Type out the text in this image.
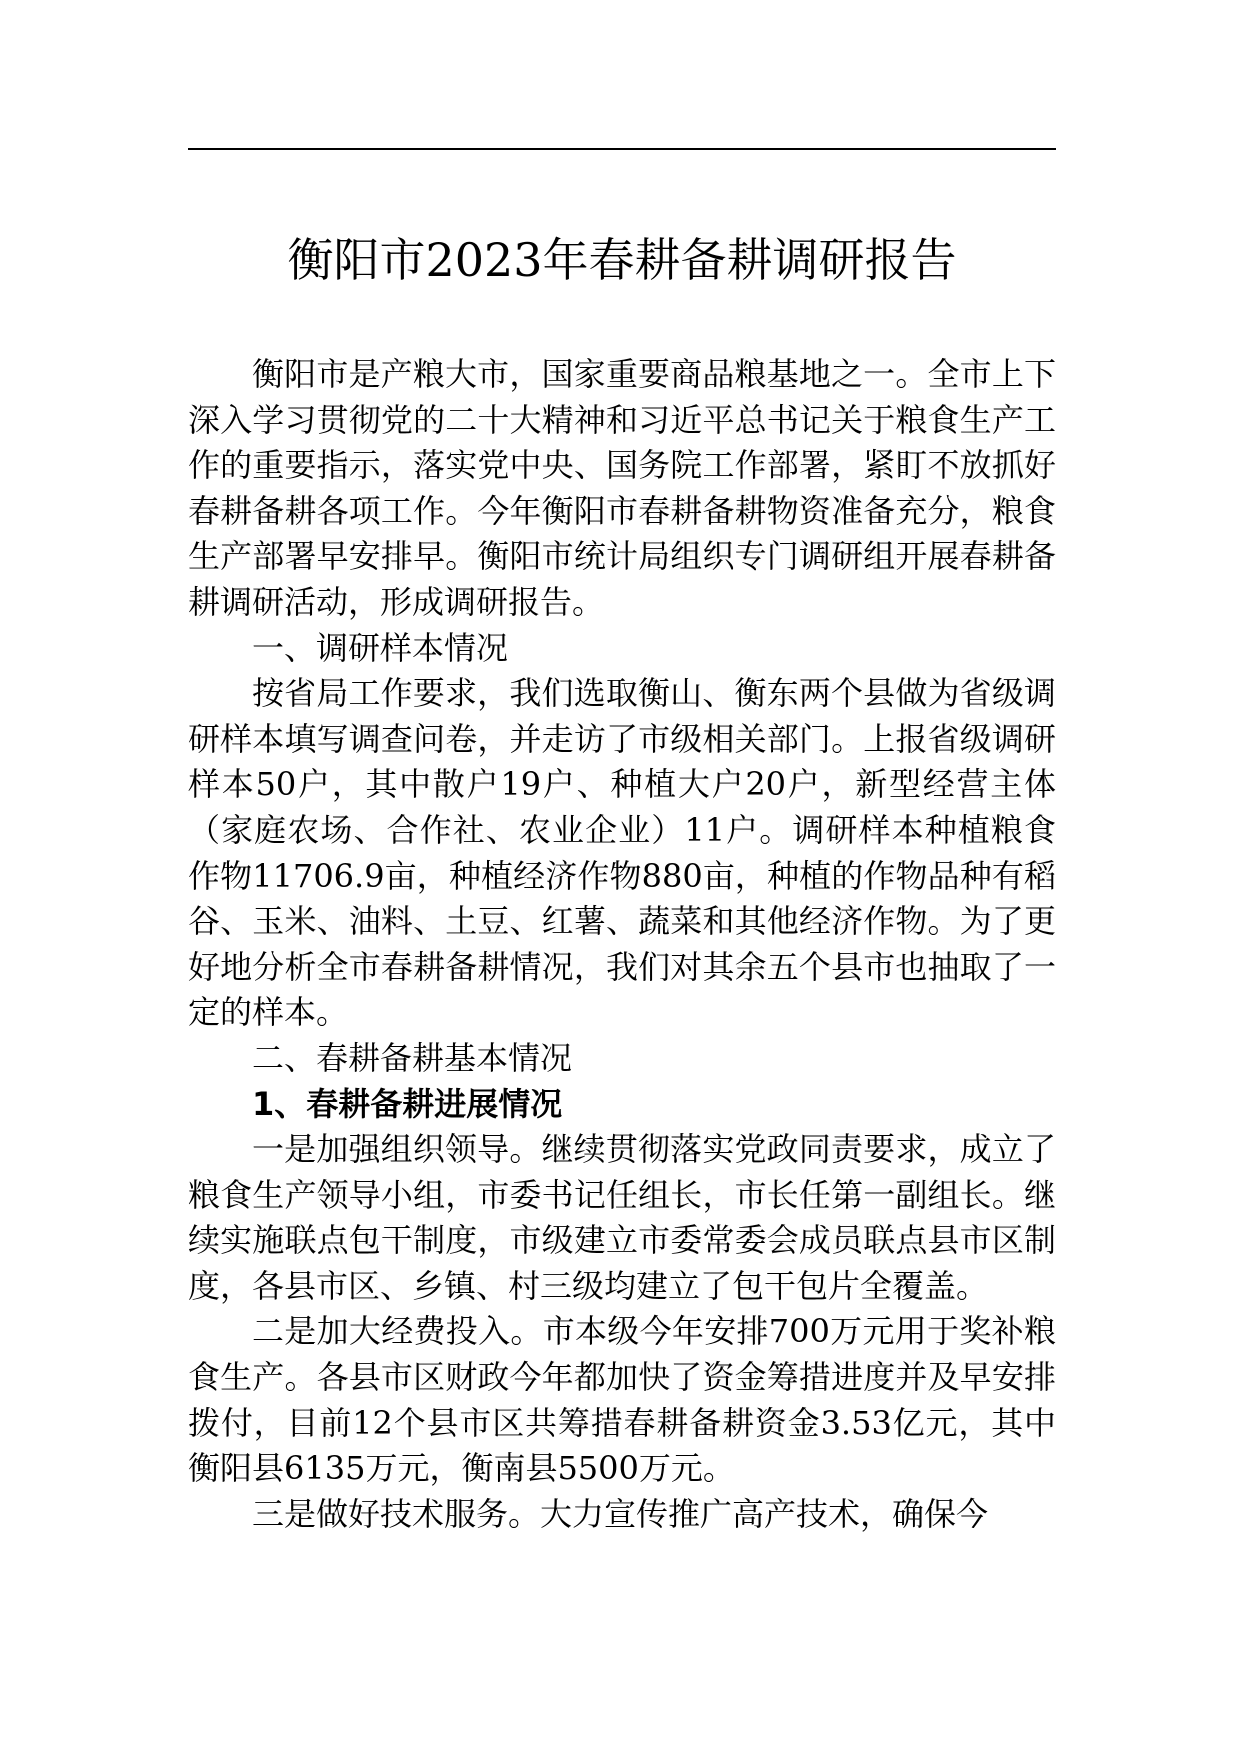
衡阳市2023年春耕备耕调研报告

衡阳市是产粮大市，国家重要商品粮基地之一。全市上下深入学习贯彻党的二十大精神和习近平总书记关于粮食生产工作的重要指示，落实党中央、国务院工作部署，紧盯不放抓好春耕备耕各项工作。今年衡阳市春耕备耕物资准备充分，粮食生产部署早安排早。衡阳市统计局组织专门调研组开展春耕备耕调研活动，形成调研报告。

一、调研样本情况

按省局工作要求，我们选取衡山、衡东两个县做为省级调研样本填写调查问卷，并走访了市级相关部门。上报省级调研样本50户，其中散户19户、种植大户20户，新型经营主体（家庭农场、合作社、农业企业）11户。调研样本种植粮食作物11706.9亩，种植经济作物880亩，种植的作物品种有稻谷、玉米、油料、土豆、红薯、蔬菜和其他经济作物。为了更好地分析全市春耕备耕情况，我们对其余五个县市也抽取了一定的样本。

二、春耕备耕基本情况

1、春耕备耕进展情况

一是加强组织领导。继续贯彻落实党政同责要求，成立了粮食生产领导小组，市委书记任组长，市长任第一副组长。继续实施联点包干制度，市级建立市委常委会成员联点县市区制度，各县市区、乡镇、村三级均建立了包干包片全覆盖。

二是加大经费投入。市本级今年安排700万元用于奖补粮食生产。各县市区财政今年都加快了资金筹措进度并及早安排拨付，目前12个县市区共筹措春耕备耕资金3.53亿元，其中衡阳县6135万元，衡南县5500万元。

三是做好技术服务。大力宣传推广高产技术，确保今
